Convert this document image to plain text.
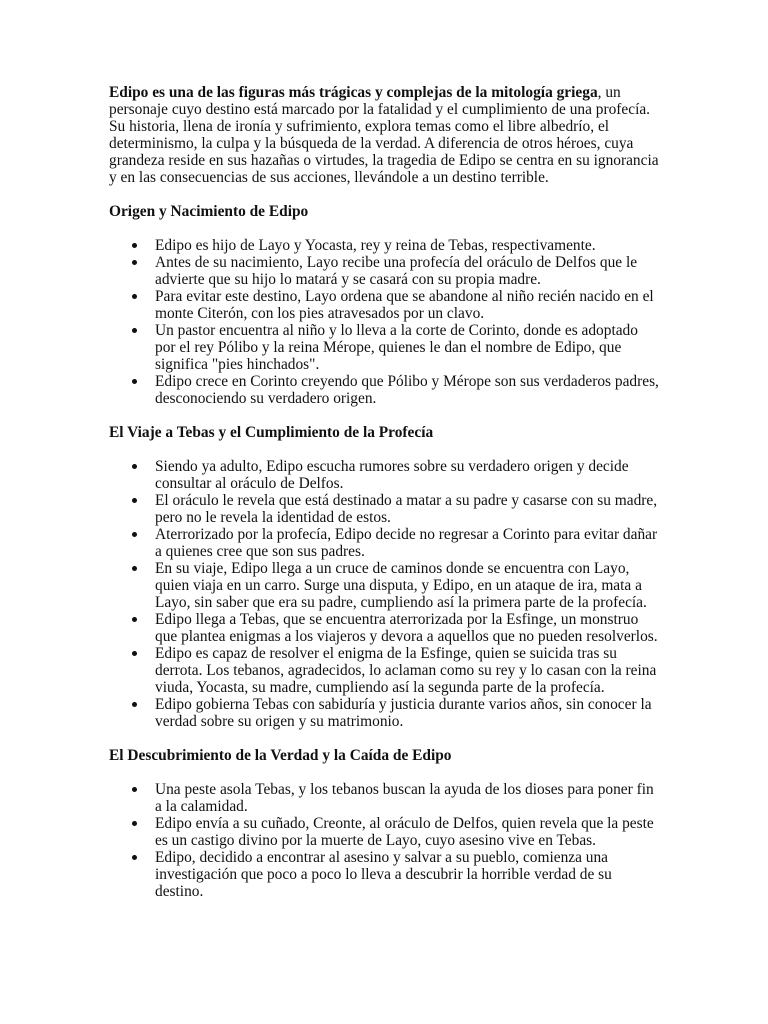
Edipo es una de las figuras más trágicas y complejas de la mitología griega, un personaje cuyo destino está marcado por la fatalidad y el cumplimiento de una profecía. Su historia, llena de ironía y sufrimiento, explora temas como el libre albedrío, el determinismo, la culpa y la búsqueda de la verdad. A diferencia de otros héroes, cuya grandeza reside en sus hazañas o virtudes, la tragedia de Edipo se centra en su ignorancia y en las consecuencias de sus acciones, llevándole a un destino terrible.

Origen y Nacimiento de Edipo
Edipo es hijo de Layo y Yocasta, rey y reina de Tebas, respectivamente.
Antes de su nacimiento, Layo recibe una profecía del oráculo de Delfos que le advierte que su hijo lo matará y se casará con su propia madre.
Para evitar este destino, Layo ordena que se abandone al niño recién nacido en el monte Citerón, con los pies atravesados por un clavo.
Un pastor encuentra al niño y lo lleva a la corte de Corinto, donde es adoptado por el rey Pólibo y la reina Mérope, quienes le dan el nombre de Edipo, que significa "pies hinchados".
Edipo crece en Corinto creyendo que Pólibo y Mérope son sus verdaderos padres, desconociendo su verdadero origen.
El Viaje a Tebas y el Cumplimiento de la Profecía
Siendo ya adulto, Edipo escucha rumores sobre su verdadero origen y decide consultar al oráculo de Delfos.
El oráculo le revela que está destinado a matar a su padre y casarse con su madre, pero no le revela la identidad de estos.
Aterrorizado por la profecía, Edipo decide no regresar a Corinto para evitar dañar a quienes cree que son sus padres.
En su viaje, Edipo llega a un cruce de caminos donde se encuentra con Layo, quien viaja en un carro. Surge una disputa, y Edipo, en un ataque de ira, mata a Layo, sin saber que era su padre, cumpliendo así la primera parte de la profecía.
Edipo llega a Tebas, que se encuentra aterrorizada por la Esfinge, un monstruo que plantea enigmas a los viajeros y devora a aquellos que no pueden resolverlos.
Edipo es capaz de resolver el enigma de la Esfinge, quien se suicida tras su derrota. Los tebanos, agradecidos, lo aclaman como su rey y lo casan con la reina viuda, Yocasta, su madre, cumpliendo así la segunda parte de la profecía.
Edipo gobierna Tebas con sabiduría y justicia durante varios años, sin conocer la verdad sobre su origen y su matrimonio.
El Descubrimiento de la Verdad y la Caída de Edipo
Una peste asola Tebas, y los tebanos buscan la ayuda de los dioses para poner fin a la calamidad.
Edipo envía a su cuñado, Creonte, al oráculo de Delfos, quien revela que la peste es un castigo divino por la muerte de Layo, cuyo asesino vive en Tebas.
Edipo, decidido a encontrar al asesino y salvar a su pueblo, comienza una investigación que poco a poco lo lleva a descubrir la horrible verdad de su destino.
